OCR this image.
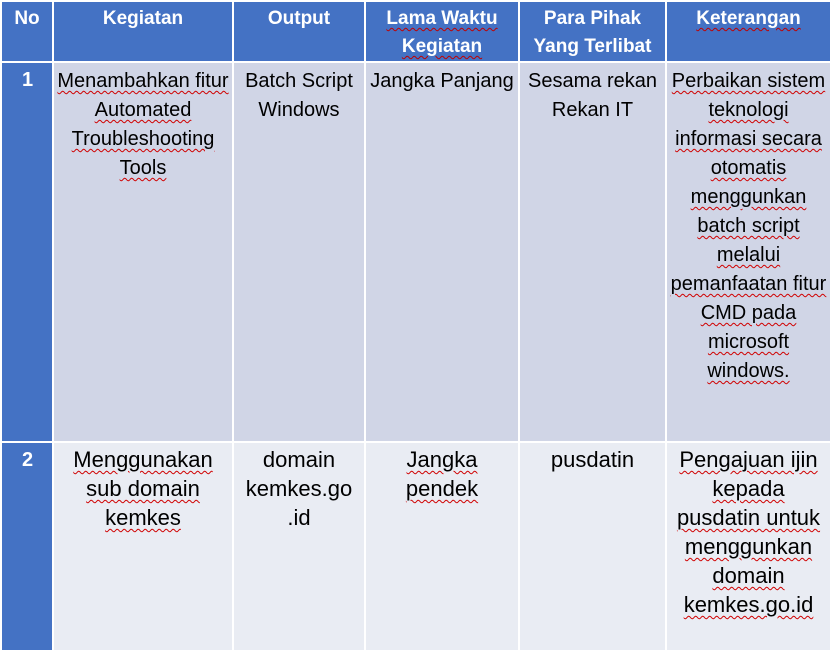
No	Kegiatan	Output	Lama Waktu Kegiatan	Para Pihak Yang Terlibat	Keterangan
1	Menambahkan fitur Automated Troubleshooting Tools	Batch Script Windows	Jangka Panjang	Sesama rekan Rekan IT	Perbaikan sistem teknologi informasi secara otomatis menggunkan batch script melalui pemanfaatan fitur CMD pada microsoft windows.
2	Menggunakan sub domain kemkes	domain kemkes.go .id	Jangka pendek	pusdatin	Pengajuan ijin kepada pusdatin untuk menggunkan domain kemkes.go.id
